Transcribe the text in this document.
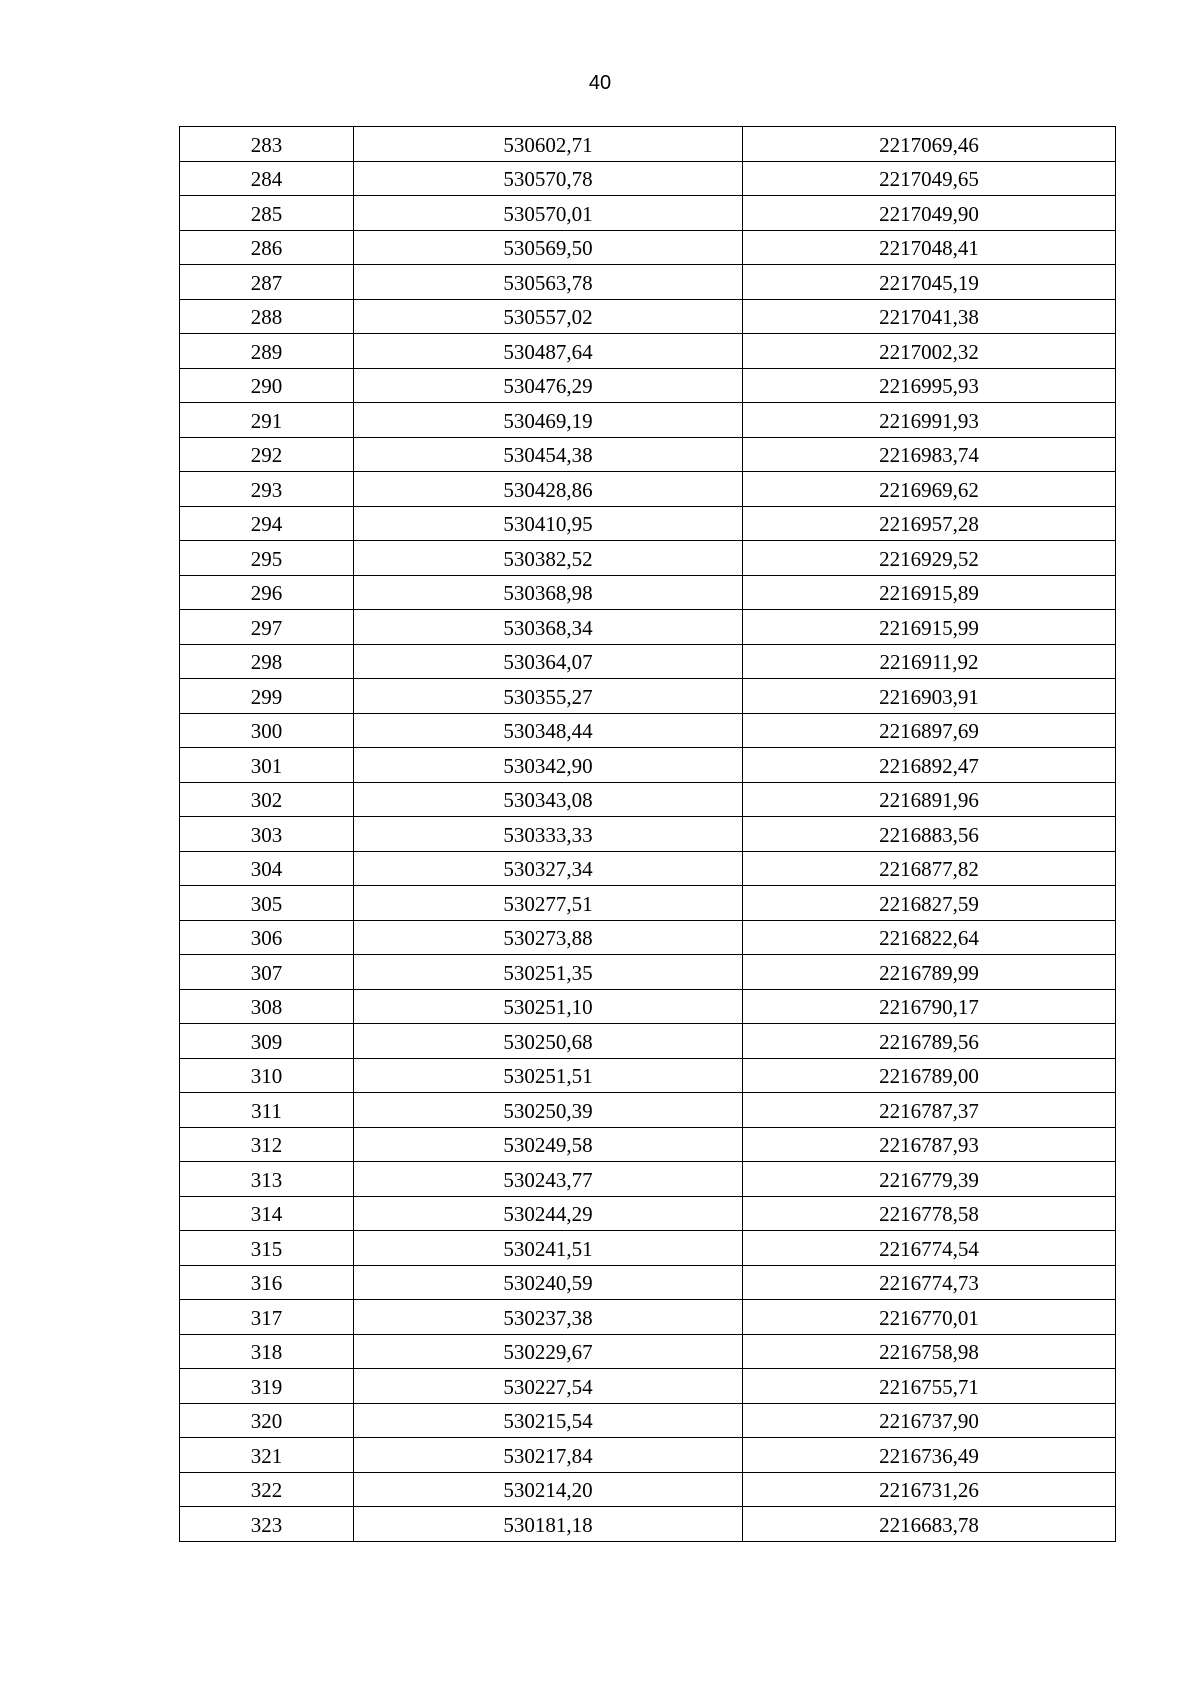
40
283	530602,71	2217069,46
284	530570,78	2217049,65
285	530570,01	2217049,90
286	530569,50	2217048,41
287	530563,78	2217045,19
288	530557,02	2217041,38
289	530487,64	2217002,32
290	530476,29	2216995,93
291	530469,19	2216991,93
292	530454,38	2216983,74
293	530428,86	2216969,62
294	530410,95	2216957,28
295	530382,52	2216929,52
296	530368,98	2216915,89
297	530368,34	2216915,99
298	530364,07	2216911,92
299	530355,27	2216903,91
300	530348,44	2216897,69
301	530342,90	2216892,47
302	530343,08	2216891,96
303	530333,33	2216883,56
304	530327,34	2216877,82
305	530277,51	2216827,59
306	530273,88	2216822,64
307	530251,35	2216789,99
308	530251,10	2216790,17
309	530250,68	2216789,56
310	530251,51	2216789,00
311	530250,39	2216787,37
312	530249,58	2216787,93
313	530243,77	2216779,39
314	530244,29	2216778,58
315	530241,51	2216774,54
316	530240,59	2216774,73
317	530237,38	2216770,01
318	530229,67	2216758,98
319	530227,54	2216755,71
320	530215,54	2216737,90
321	530217,84	2216736,49
322	530214,20	2216731,26
323	530181,18	2216683,78
